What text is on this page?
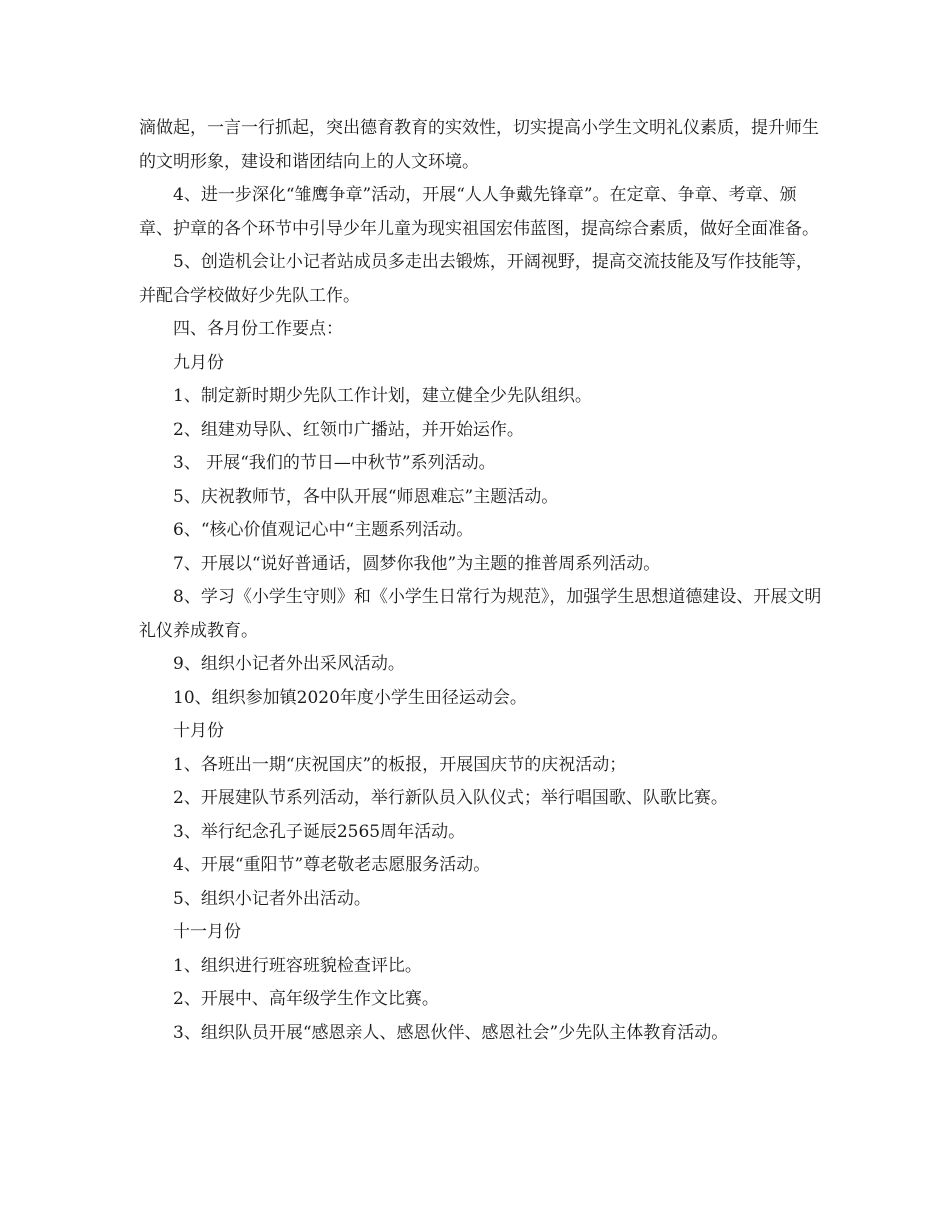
滴做起，一言一行抓起，突出德育教育的实效性，切实提高小学生文明礼仪素质，提升师生的文明形象，建设和谐团结向上的人文环境。

4、进一步深化“雏鹰争章”活动，开展“人人争戴先锋章”。在定章、争章、考章、颁章、护章的各个环节中引导少年儿童为现实祖国宏伟蓝图，提高综合素质，做好全面准备。

5、创造机会让小记者站成员多走出去锻炼，开阔视野，提高交流技能及写作技能等，并配合学校做好少先队工作。

四、各月份工作要点：

九月份

1、制定新时期少先队工作计划，建立健全少先队组织。

2、组建劝导队、红领巾广播站，并开始运作。

3、 开展“我们的节日—中秋节”系列活动。

5、庆祝教师节，各中队开展“师恩难忘”主题活动。

6、“核心价值观记心中“主题系列活动。

7、开展以“说好普通话，圆梦你我他”为主题的推普周系列活动。

8、学习《小学生守则》和《小学生日常行为规范》，加强学生思想道德建设、开展文明礼仪养成教育。

9、组织小记者外出采风活动。

10、组织参加镇2020年度小学生田径运动会。

十月份

1、各班出一期“庆祝国庆”的板报，开展国庆节的庆祝活动；

2、开展建队节系列活动，举行新队员入队仪式；举行唱国歌、队歌比赛。

3、举行纪念孔子诞辰2565周年活动。

4、开展“重阳节”尊老敬老志愿服务活动。

5、组织小记者外出活动。

十一月份

1、组织进行班容班貌检查评比。

2、开展中、高年级学生作文比赛。

3、组织队员开展“感恩亲人、感恩伙伴、感恩社会”少先队主体教育活动。
